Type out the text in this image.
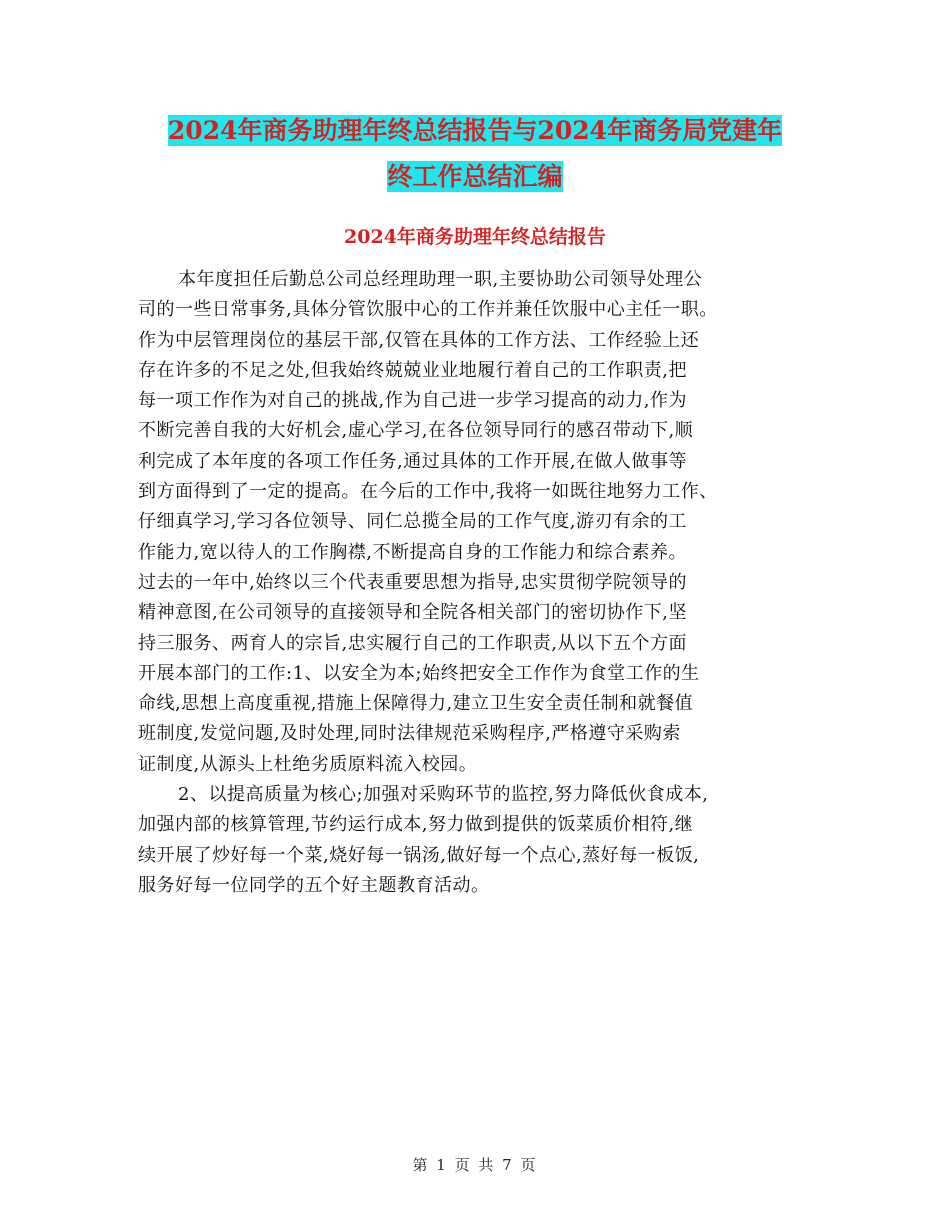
2024年商务助理年终总结报告与2024年商务局党建年
终工作总结汇编
2024年商务助理年终总结报告

本年度担任后勤总公司总经理助理一职,主要协助公司领导处理公

司的一些日常事务,具体分管饮服中心的工作并兼任饮服中心主任一职。

作为中层管理岗位的基层干部,仅管在具体的工作方法、工作经验上还

存在许多的不足之处,但我始终兢兢业业地履行着自己的工作职责,把

每一项工作作为对自己的挑战,作为自己进一步学习提高的动力,作为

不断完善自我的大好机会,虚心学习,在各位领导同行的感召带动下,顺

利完成了本年度的各项工作任务,通过具体的工作开展,在做人做事等

到方面得到了一定的提高。在今后的工作中,我将一如既往地努力工作、

仔细真学习,学习各位领导、同仁总揽全局的工作气度,游刃有余的工

作能力,宽以待人的工作胸襟,不断提高自身的工作能力和综合素养。

过去的一年中,始终以三个代表重要思想为指导,忠实贯彻学院领导的

精神意图,在公司领导的直接领导和全院各相关部门的密切协作下,坚

持三服务、两育人的宗旨,忠实履行自己的工作职责,从以下五个方面

开展本部门的工作:1、以安全为本;始终把安全工作作为食堂工作的生

命线,思想上高度重视,措施上保障得力,建立卫生安全责任制和就餐值

班制度,发觉问题,及时处理,同时法律规范采购程序,严格遵守采购索

证制度,从源头上杜绝劣质原料流入校园。

2、以提高质量为核心;加强对采购环节的监控,努力降低伙食成本,

加强内部的核算管理,节约运行成本,努力做到提供的饭菜质价相符,继

续开展了炒好每一个菜,烧好每一锅汤,做好每一个点心,蒸好每一板饭,

服务好每一位同学的五个好主题教育活动。

第 1 页 共 7 页
